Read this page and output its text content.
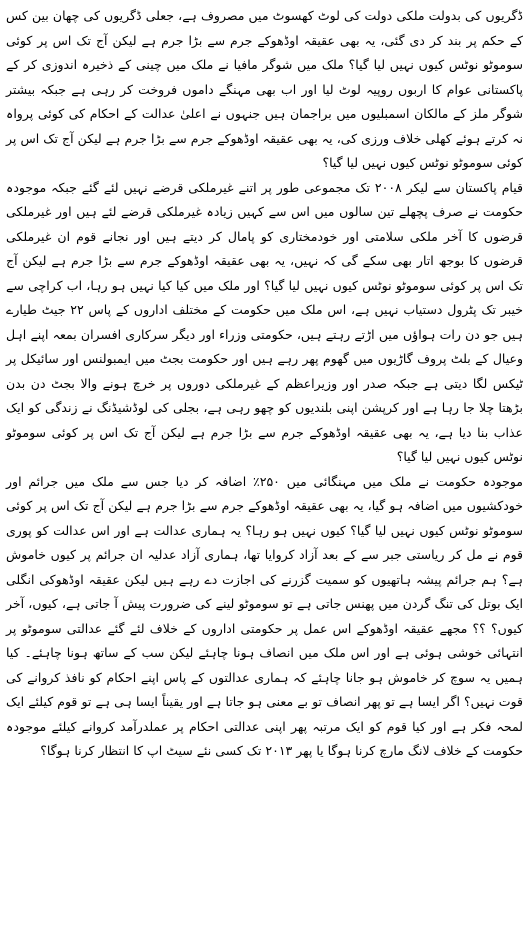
ڈگریوں کی بدولت ملکی دولت کی لوٹ کھسوٹ میں مصروف ہے، جعلی ڈگریوں کی چھان بین کس کے حکم پر بند کر دی گئی، یہ بھی عقیقہ اوڈھوکے جرم سے بڑا جرم ہے لیکن آج تک اس پر کوئی سوموٹو نوٹس کیوں نہیں لیا گیا؟ ملک میں شوگر مافیا نے ملک میں چینی کے ذخیرہ اندوزی کر کے پاکستانی عوام کا اربوں روپیہ لوٹ لیا اور اب بھی مہنگے داموں فروخت کر رہی ہے جبکہ بیشتر شوگر ملز کے مالکان اسمبلیوں میں براجمان ہیں جنہوں نے اعلیٰ عدالت کے احکام کی کوئی پرواہ نہ کرتے ہوئے کھلی خلاف ورزی کی، یہ بھی عقیقہ اوڈھوکے جرم سے بڑا جرم ہے لیکن آج تک اس پر کوئی سوموٹو نوٹس کیوں نہیں لیا گیا؟

قیام پاکستان سے لیکر ۲۰۰۸ تک مجموعی طور پر اتنے غیرملکی قرضے نہیں لئے گئے جبکہ موجودہ حکومت نے صرف پچھلے تین سالوں میں اس سے کہیں زیادہ غیرملکی قرضے لئے ہیں اور غیرملکی قرضوں کا آخر ملکی سلامتی اور خودمختاری کو پامال کر دیتے ہیں اور نجانے قوم ان غیرملکی قرضوں کا بوجھ اتار بھی سکے گی کہ نہیں، یہ بھی عقیقہ اوڈھوکے جرم سے بڑا جرم ہے لیکن آج تک اس پر کوئی سوموٹو نوٹس کیوں نہیں لیا گیا؟ اور ملک میں کیا کیا نہیں ہو رہا، اب کراچی سے خیبر تک پٹرول دستیاب نہیں ہے، اس ملک میں حکومت کے مختلف اداروں کے پاس ۲۲ جیٹ طیارے ہیں جو دن رات ہواؤں میں اڑتے رہتے ہیں، حکومتی وزراء اور دیگر سرکاری افسران بمعہ اپنے اہل وعیال کے بلٹ پروف گاڑیوں میں گھوم پھر رہے ہیں اور حکومت بجٹ میں ایمبولنس اور سائیکل پر ٹیکس لگا دیتی ہے جبکہ صدر اور وزیراعظم کے غیرملکی دوروں پر خرچ ہونے والا بجٹ دن بدن بڑھتا چلا جا رہا ہے اور کرپشن اپنی بلندیوں کو چھو رہی ہے، بجلی کی لوڈشیڈنگ نے زندگی کو ایک عذاب بنا دیا ہے، یہ بھی عقیقہ اوڈھوکے جرم سے بڑا جرم ہے لیکن آج تک اس پر کوئی سوموٹو نوٹس کیوں نہیں لیا گیا؟

موجودہ حکومت نے ملک میں مہنگائی میں ۲۵۰٪ اضافہ کر دیا جس سے ملک میں جرائم اور خودکشیوں میں اضافہ ہو گیا، یہ بھی عقیقہ اوڈھوکے جرم سے بڑا جرم ہے لیکن آج تک اس پر کوئی سوموٹو نوٹس کیوں نہیں لیا گیا؟ کیوں نہیں ہو رہا؟ یہ ہماری عدالت ہے اور اس عدالت کو پوری قوم نے مل کر ریاستی جبر سے کے بعد آزاد کروایا تھا، ہماری آزاد عدلیہ ان جرائم پر کیوں خاموش ہے؟ ہم جرائم پیشہ ہاتھیوں کو سمیت گزرنے کی اجازت دے رہے ہیں لیکن عقیقہ اوڈھوکی انگلی ایک بوتل کی تنگ گردن میں پھنس جاتی ہے تو سوموٹو لینے کی ضرورت پیش آ جاتی ہے، کیوں، آخر کیوں؟ ؟؟ مجھے عقیقہ اوڈھوکے اس عمل پر حکومتی اداروں کے خلاف لئے گئے عدالتی سوموٹو پر انتہائی خوشی ہوئی ہے اور اس ملک میں انصاف ہونا چاہئے لیکن سب کے ساتھ ہونا چاہئے۔ کیا ہمیں یہ سوچ کر خاموش ہو جانا چاہئے کہ ہماری عدالتوں کے پاس اپنے احکام کو نافذ کروانے کی قوت نہیں؟ اگر ایسا ہے تو پھر انصاف تو بے معنی ہو جاتا ہے اور یقیناً ایسا ہی ہے تو قوم کیلئے ایک لمحہ فکر ہے اور کیا قوم کو ایک مرتبہ پھر اپنی عدالتی احکام پر عملدرآمد کروانے کیلئے موجودہ حکومت کے خلاف لانگ مارچ کرنا ہوگا یا پھر ۲۰۱۳ تک کسی نئے سیٹ اپ کا انتظار کرنا ہوگا؟
